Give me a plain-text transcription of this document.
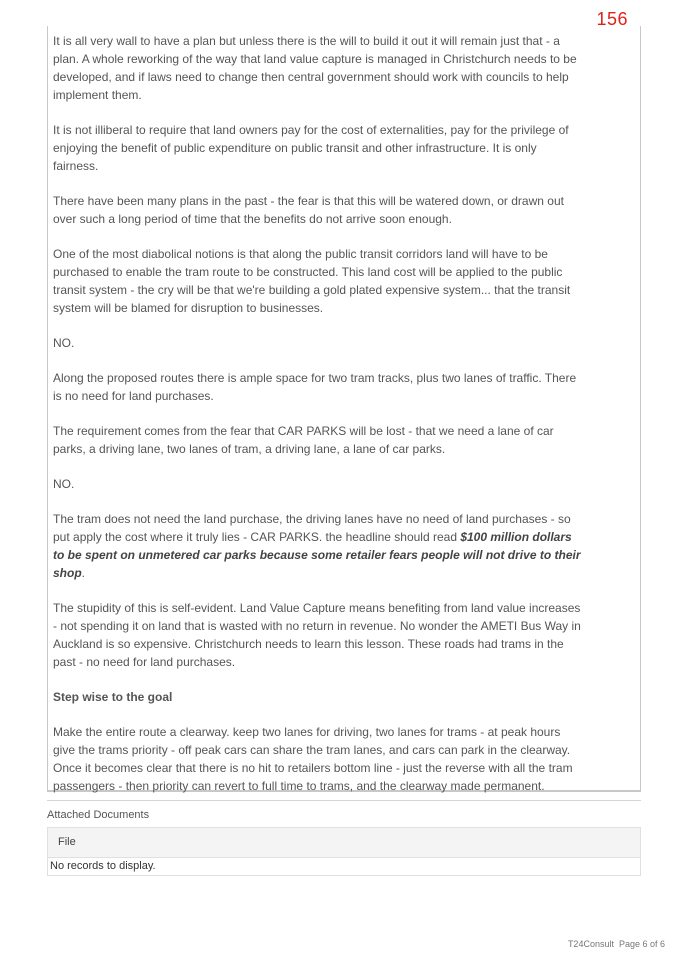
156

It is all very wall to have a plan but unless there is the will to build it out it will remain just that - a plan. A whole reworking of the way that land value capture is managed in Christchurch needs to be developed, and if laws need to change then central government should work with councils to help implement them.

It is not illiberal to require that land owners pay for the cost of externalities, pay for the privilege of enjoying the benefit of public expenditure on public transit and other infrastructure. It is only fairness.

There have been many plans in the past - the fear is that this will be watered down, or drawn out over such a long period of time that the benefits do not arrive soon enough.

One of the most diabolical notions is that along the public transit corridors land will have to be purchased to enable the tram route to be constructed. This land cost will be applied to the public transit system - the cry will be that we're building a gold plated expensive system... that the transit system will be blamed for disruption to businesses.

NO.

Along the proposed routes there is ample space for two tram tracks, plus two lanes of traffic. There is no need for land purchases.

The requirement comes from the fear that CAR PARKS will be lost - that we need a lane of car parks, a driving lane, two lanes of tram, a driving lane, a lane of car parks.

NO.

The tram does not need the land purchase, the driving lanes have no need of land purchases - so put apply the cost where it truly lies - CAR PARKS. the headline should read $100 million dollars to be spent on unmetered car parks because some retailer fears people will not drive to their shop.

The stupidity of this is self-evident. Land Value Capture means benefiting from land value increases - not spending it on land that is wasted with no return in revenue. No wonder the AMETI Bus Way in Auckland is so expensive. Christchurch needs to learn this lesson. These roads had trams in the past - no need for land purchases.

Step wise to the goal

Make the entire route a clearway. keep two lanes for driving, two lanes for trams - at peak hours give the trams priority - off peak cars can share the tram lanes, and cars can park in the clearway. Once it becomes clear that there is no hit to retailers bottom line - just the reverse with all the tram passengers - then priority can revert to full time to trams, and the clearway made permanent.

Attached Documents
File
No records to display.
T24Consult  Page 6 of 6
